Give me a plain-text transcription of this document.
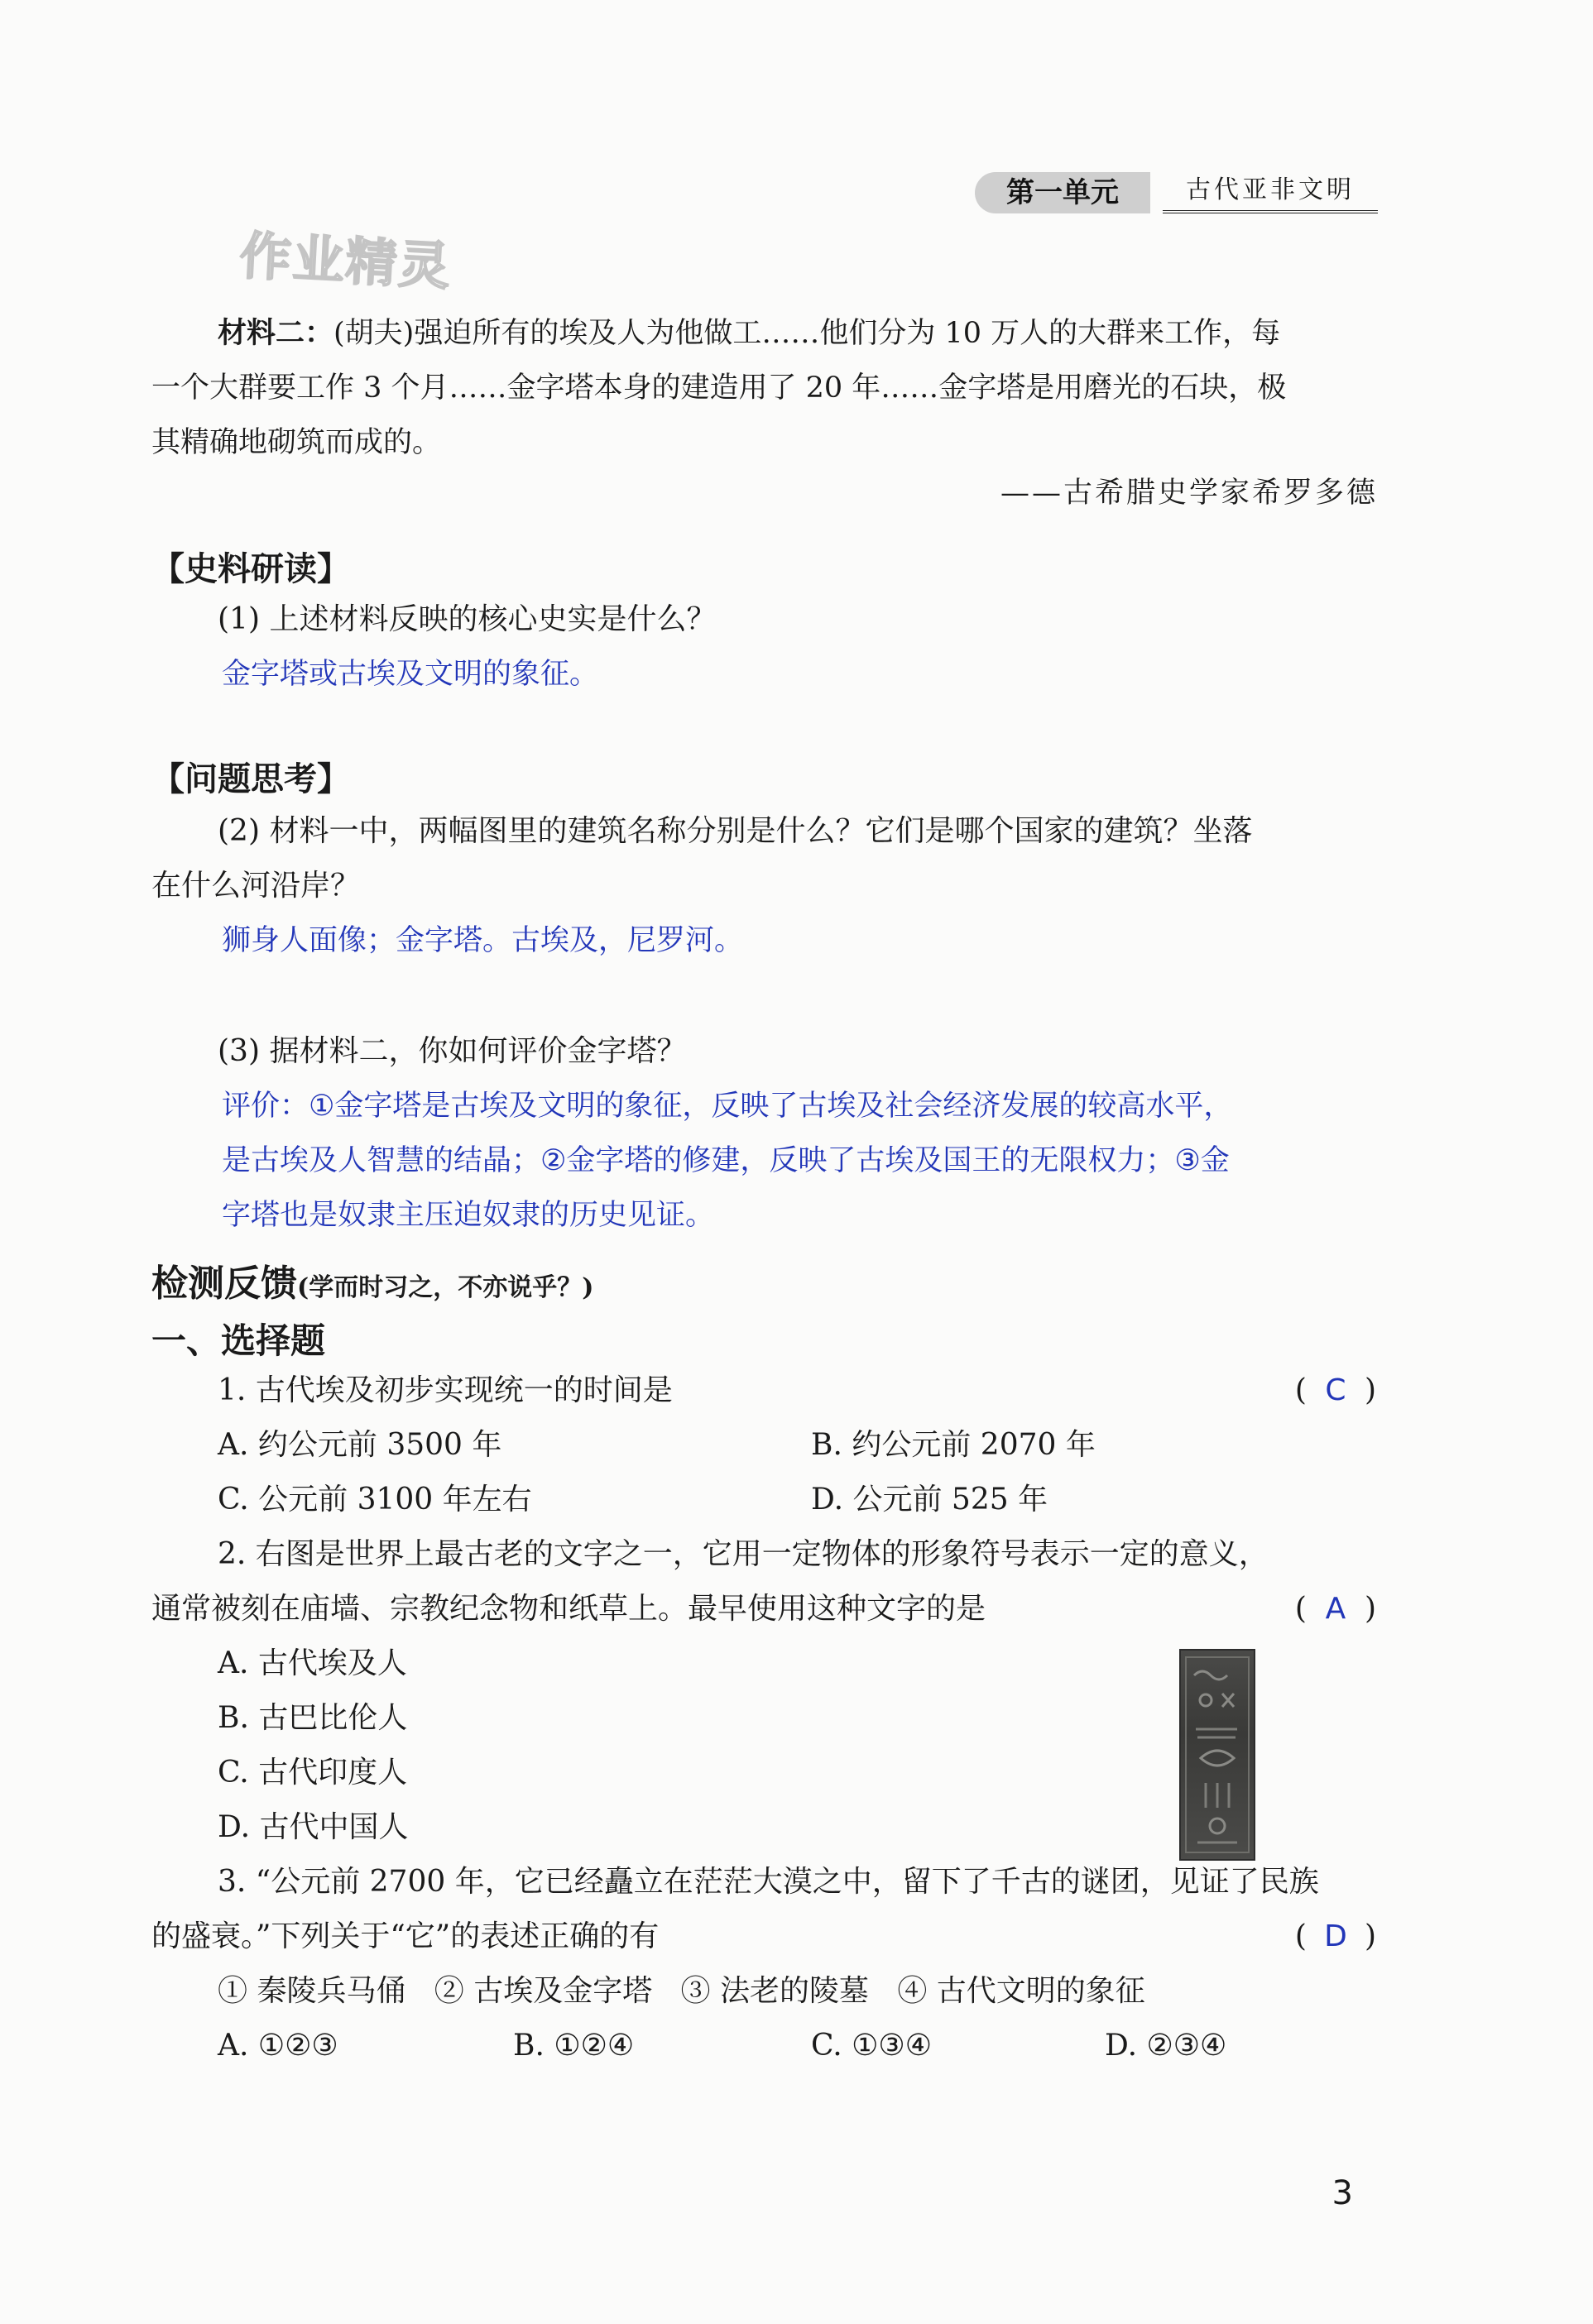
第一单元	古代亚非文明
作业精灵
材料二：(胡夫)强迫所有的埃及人为他做工……他们分为 10 万人的大群来工作，每
一个大群要工作 3 个月……金字塔本身的建造用了 20 年……金字塔是用磨光的石块，极
其精确地砌筑而成的。
——古希腊史学家希罗多德
【史料研读】
(1) 上述材料反映的核心史实是什么？
金字塔或古埃及文明的象征。
【问题思考】
(2) 材料一中，两幅图里的建筑名称分别是什么？它们是哪个国家的建筑？坐落
在什么河沿岸？
狮身人面像；金字塔。古埃及，尼罗河。
(3) 据材料二，你如何评价金字塔？
评价：①金字塔是古埃及文明的象征，反映了古埃及社会经济发展的较高水平，
是古埃及人智慧的结晶；②金字塔的修建，反映了古埃及国王的无限权力；③金
字塔也是奴隶主压迫奴隶的历史见证。
检测反馈(学而时习之，不亦说乎？)
一、选择题
1. 古代埃及初步实现统一的时间是	( C )
A. 约公元前 3500 年	B. 约公元前 2070 年
C. 公元前 3100 年左右	D. 公元前 525 年
2. 右图是世界上最古老的文字之一，它用一定物体的形象符号表示一定的意义，
通常被刻在庙墙、宗教纪念物和纸草上。最早使用这种文字的是	( A )
A. 古代埃及人
B. 古巴比伦人
C. 古代印度人
D. 古代中国人
3. “公元前 2700 年，它已经矗立在茫茫大漠之中，留下了千古的谜团，见证了民族
的盛衰。”下列关于“它”的表述正确的有	( D )
① 秦陵兵马俑   ② 古埃及金字塔   ③ 法老的陵墓   ④ 古代文明的象征
A. ①②③	B. ①②④	C. ①③④	D. ②③④
3
